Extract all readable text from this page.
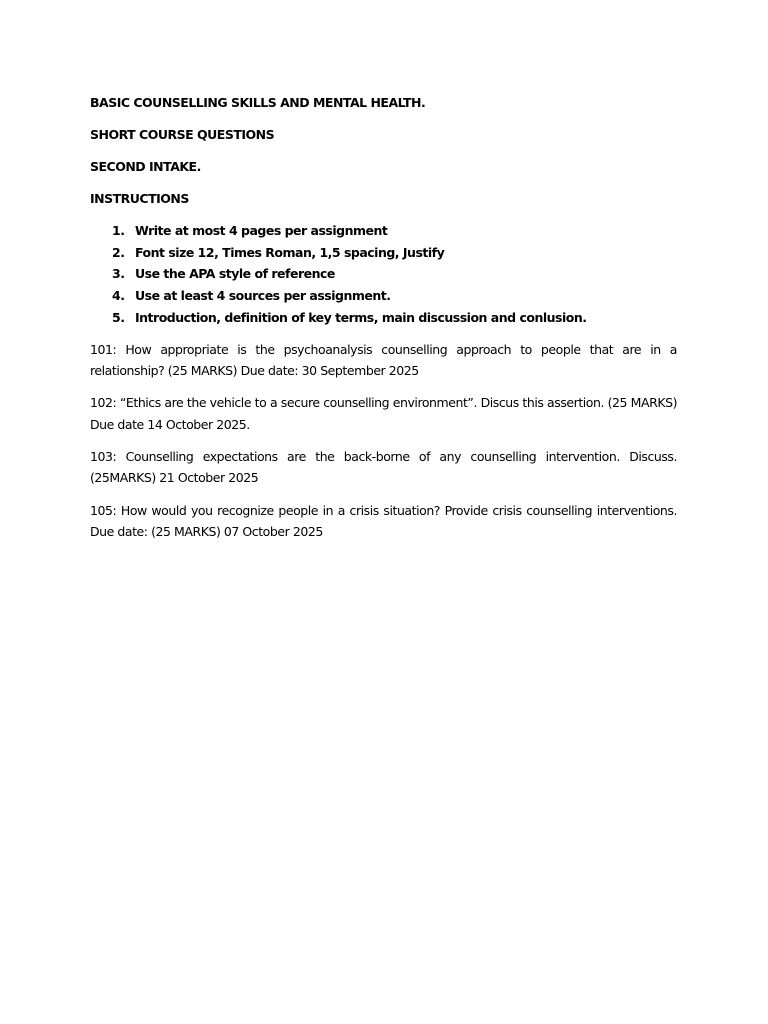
BASIC COUNSELLING SKILLS AND MENTAL HEALTH.

SHORT COURSE QUESTIONS

SECOND INTAKE.

INSTRUCTIONS

1. Write at most 4 pages per assignment
2. Font size 12, Times Roman, 1,5 spacing, Justify
3. Use the APA style of reference
4. Use at least 4 sources per assignment.
5. Introduction, definition of key terms, main discussion and conlusion.

101: How appropriate is the psychoanalysis counselling approach to people that are in a relationship? (25 MARKS) Due date: 30 September 2025

102: “Ethics are the vehicle to a secure counselling environment”. Discus this assertion. (25 MARKS) Due date 14 October 2025.

103: Counselling expectations are the back-borne of any counselling intervention. Discuss. (25MARKS) 21 October 2025

105: How would you recognize people in a crisis situation? Provide crisis counselling interventions. Due date: (25 MARKS) 07 October 2025
